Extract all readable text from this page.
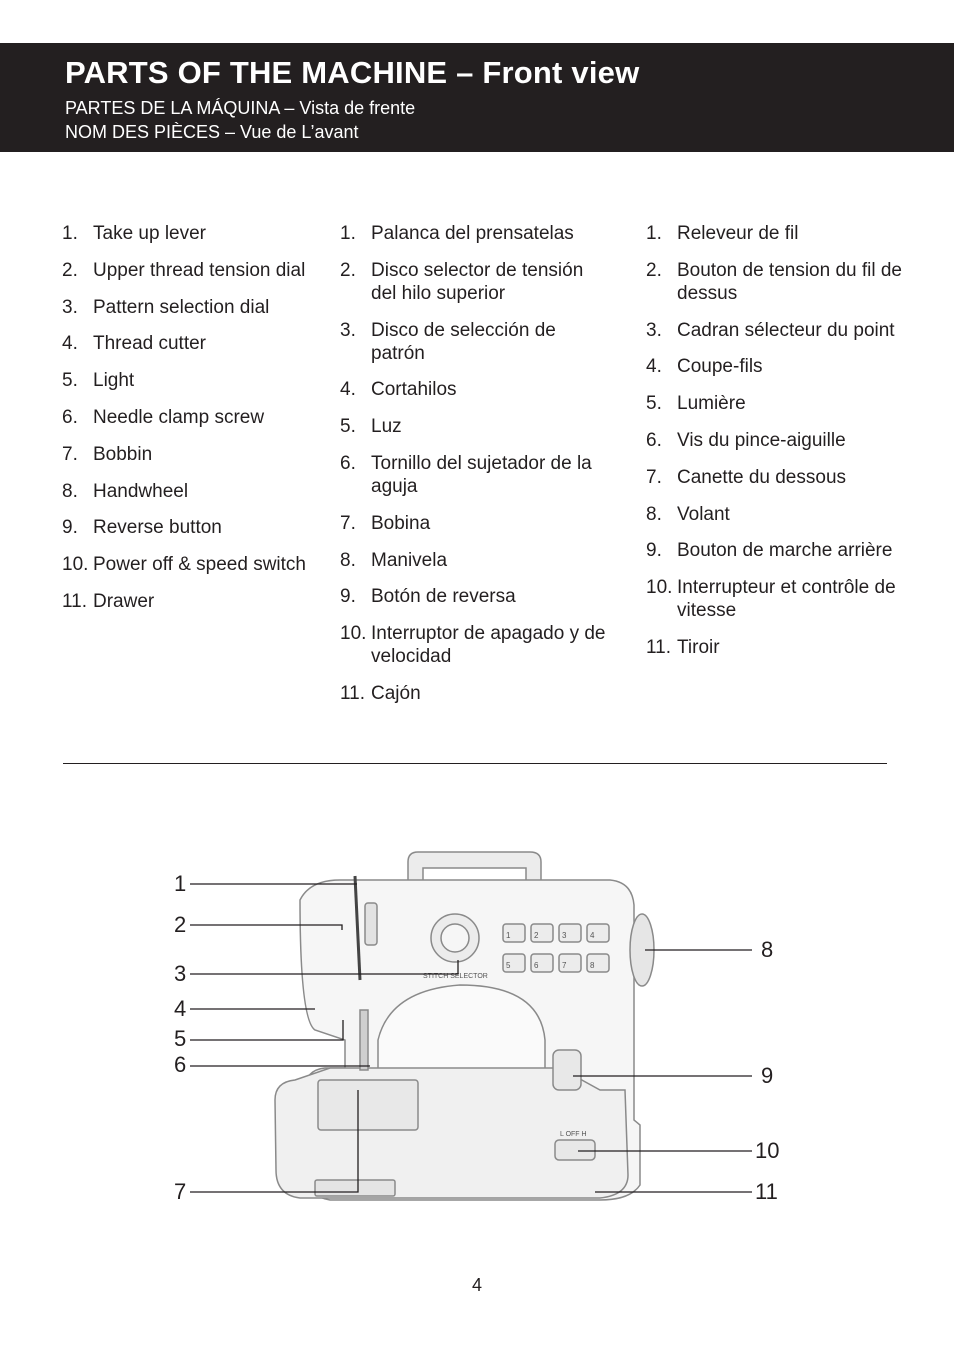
PARTS OF THE MACHINE – Front view
PARTES DE LA MÁQUINA – Vista de frente
NOM DES PIÈCES – Vue de L’avant
1. Take up lever
2. Upper thread tension dial
3. Pattern selection dial
4. Thread cutter
5. Light
6. Needle clamp screw
7. Bobbin
8. Handwheel
9. Reverse button
10. Power off & speed switch
11. Drawer
1. Palanca del prensatelas
2. Disco selector de tensión del hilo superior
3. Disco de selección de patrón
4. Cortahilos
5. Luz
6. Tornillo del sujetador de la aguja
7. Bobina
8. Manivela
9. Botón de reversa
10. Interruptor de apagado y de velocidad
11. Cajón
1. Releveur de fil
2. Bouton de tension du fil de dessus
3. Cadran sélecteur du point
4. Coupe-fils
5. Lumière
6. Vis du pince-aiguille
7. Canette du dessous
8. Volant
9. Bouton de marche arrière
10. Interrupteur et contrôle de vitesse
11. Tiroir
STITCH SELECTOR
L OFF H
1	2	3	4
5	6	7	8
1
2
3
4
5
6
7
8
9
10
11
4
